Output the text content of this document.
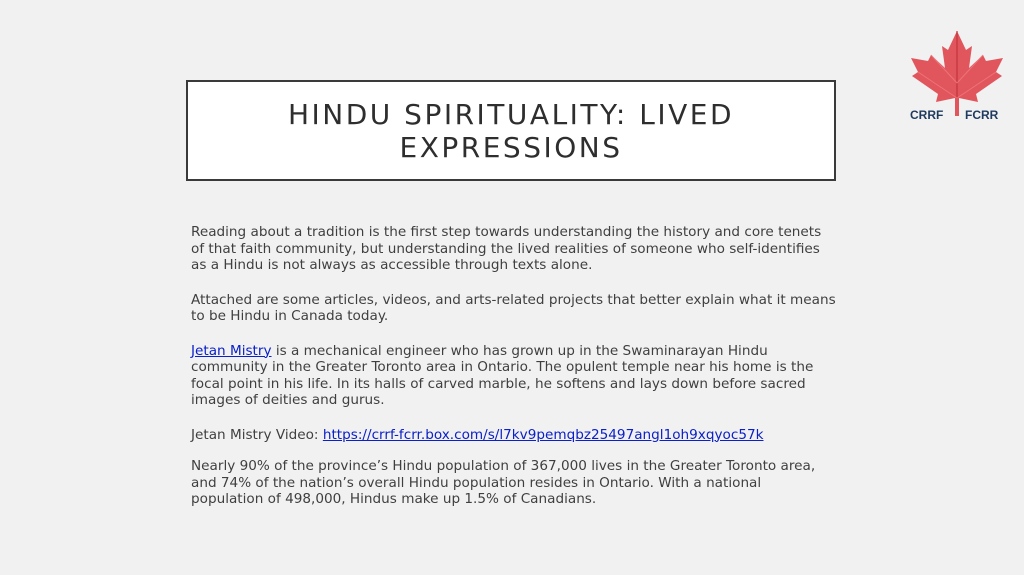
HINDU SPIRITUALITY: LIVED
EXPRESSIONS
CRRF FCRR

Reading about a tradition is the first step towards understanding the history and core tenets of that faith community, but understanding the lived realities of someone who self-identifies as a Hindu is not always as accessible through texts alone.

Attached are some articles, videos, and arts-related projects that better explain what it means to be Hindu in Canada today.

Jetan Mistry is a mechanical engineer who has grown up in the Swaminarayan Hindu community in the Greater Toronto area in Ontario. The opulent temple near his home is the focal point in his life. In its halls of carved marble, he softens and lays down before sacred images of deities and gurus.

Jetan Mistry Video: https://crrf-fcrr.box.com/s/l7kv9pemqbz25497angl1oh9xqyoc57k

Nearly 90% of the province’s Hindu population of 367,000 lives in the Greater Toronto area, and 74% of the nation’s overall Hindu population resides in Ontario. With a national population of 498,000, Hindus make up 1.5% of Canadians.
